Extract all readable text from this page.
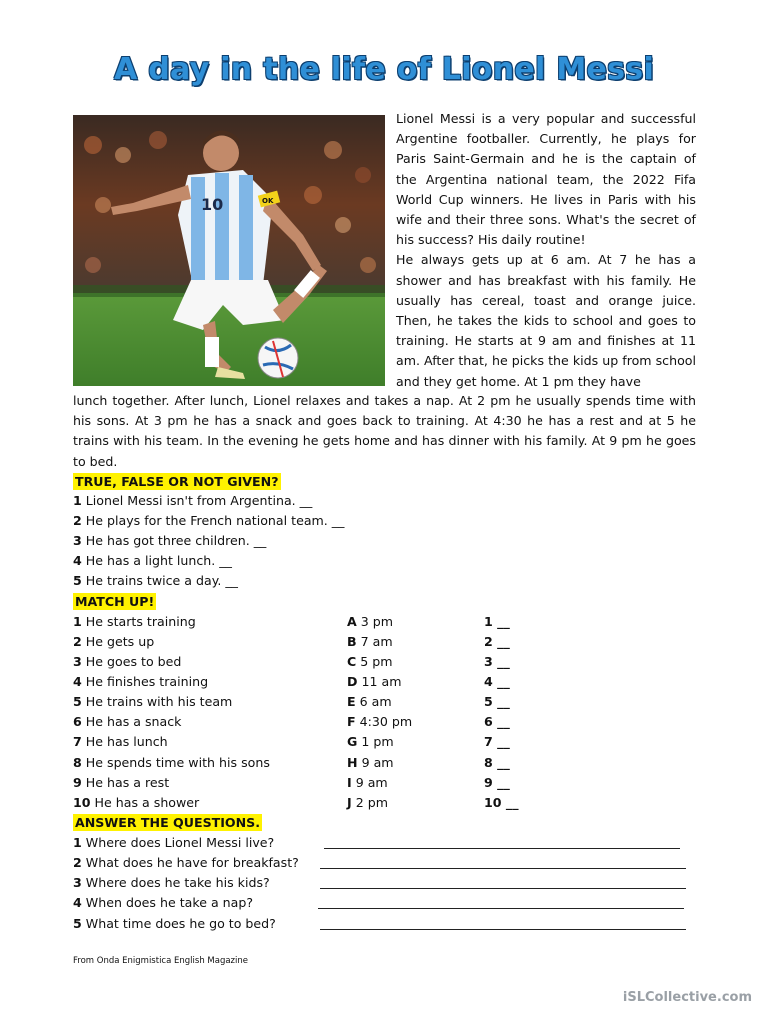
A day in the life of Lionel Messi
10	OK

Lionel Messi is a very popular and successful Argentine footballer. Currently, he plays for Paris Saint-Germain and he is the captain of the Argentina national team, the 2022 Fifa World Cup winners. He lives in Paris with his wife and their three sons. What's the secret of his success? His daily routine!

He always gets up at 6 am. At 7 he has a shower and has breakfast with his family. He usually has cereal, toast and orange juice. Then, he takes the kids to school and goes to training. He starts at 9 am and finishes at 11 am. After that, he picks the kids up from school and they get home. At 1 pm they have

lunch together. After lunch, Lionel relaxes and takes a nap. At 2 pm he usually spends time with his sons. At 3 pm he has a snack and goes back to training. At 4:30 he has a rest and at 5 he trains with his team. In the evening he gets home and has dinner with his family. At 9 pm he goes to bed.

TRUE, FALSE OR NOT GIVEN?
1 Lionel Messi isn't from Argentina. __
2 He plays for the French national team. __
3 He has got three children. __
4 He has a light lunch. __
5 He trains twice a day. __
MATCH UP!
1 He starts training
2 He gets up
3 He goes to bed
4 He finishes training
5 He trains with his team
6 He has a snack
7 He has lunch
8 He spends time with his sons
9 He has a rest
10 He has a shower
A 3 pm
B 7 am
C 5 pm
D 11 am
E 6 am
F 4:30 pm
G 1 pm
H 9 am
I 9 am
J 2 pm
1 __
2 __
3 __
4 __
5 __
6 __
7 __
8 __
9 __
10 __
ANSWER THE QUESTIONS.
1 Where does Lionel Messi live?
2 What does he have for breakfast?
3 Where does he take his kids?
4 When does he take a nap?
5 What time does he go to bed?
From Onda Enigmistica English Magazine
iSLCollective.com
